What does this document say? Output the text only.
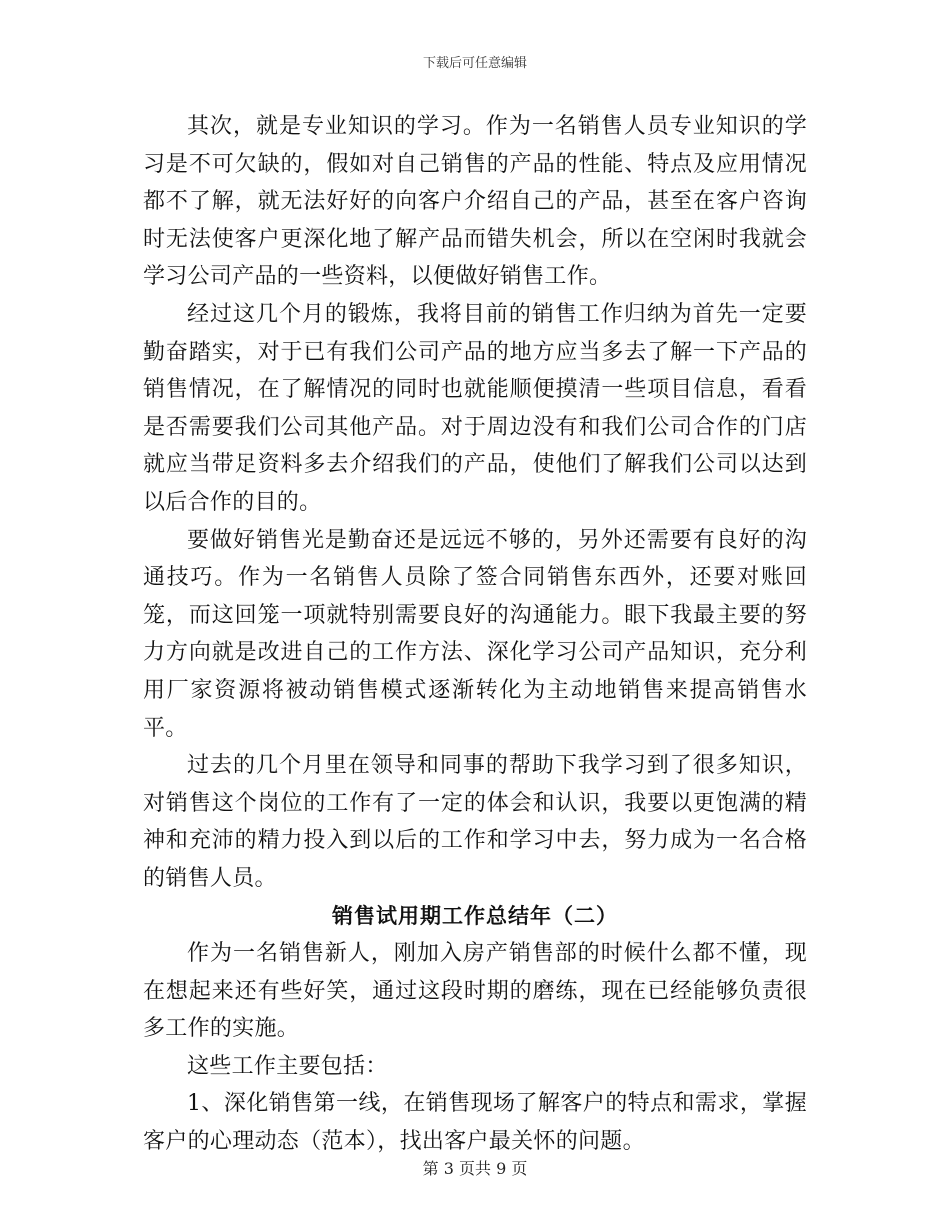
下载后可任意编辑

其次，就是专业知识的学习。作为一名销售人员专业知识的学习是不可欠缺的，假如对自己销售的产品的性能、特点及应用情况都不了解，就无法好好的向客户介绍自己的产品，甚至在客户咨询时无法使客户更深化地了解产品而错失机会，所以在空闲时我就会学习公司产品的一些资料，以便做好销售工作。

经过这几个月的锻炼，我将目前的销售工作归纳为首先一定要勤奋踏实，对于已有我们公司产品的地方应当多去了解一下产品的销售情况，在了解情况的同时也就能顺便摸清一些项目信息，看看是否需要我们公司其他产品。对于周边没有和我们公司合作的门店就应当带足资料多去介绍我们的产品，使他们了解我们公司以达到以后合作的目的。

要做好销售光是勤奋还是远远不够的，另外还需要有良好的沟通技巧。作为一名销售人员除了签合同销售东西外，还要对账回笼，而这回笼一项就特别需要良好的沟通能力。眼下我最主要的努力方向就是改进自己的工作方法、深化学习公司产品知识，充分利用厂家资源将被动销售模式逐渐转化为主动地销售来提高销售水平。

过去的几个月里在领导和同事的帮助下我学习到了很多知识，对销售这个岗位的工作有了一定的体会和认识，我要以更饱满的精神和充沛的精力投入到以后的工作和学习中去，努力成为一名合格的销售人员。

销售试用期工作总结年（二）

作为一名销售新人，刚加入房产销售部的时候什么都不懂，现在想起来还有些好笑，通过这段时期的磨练，现在已经能够负责很多工作的实施。

这些工作主要包括：

1、深化销售第一线，在销售现场了解客户的特点和需求，掌握客户的心理动态（范本），找出客户最关怀的问题。

第 3 页共 9 页
